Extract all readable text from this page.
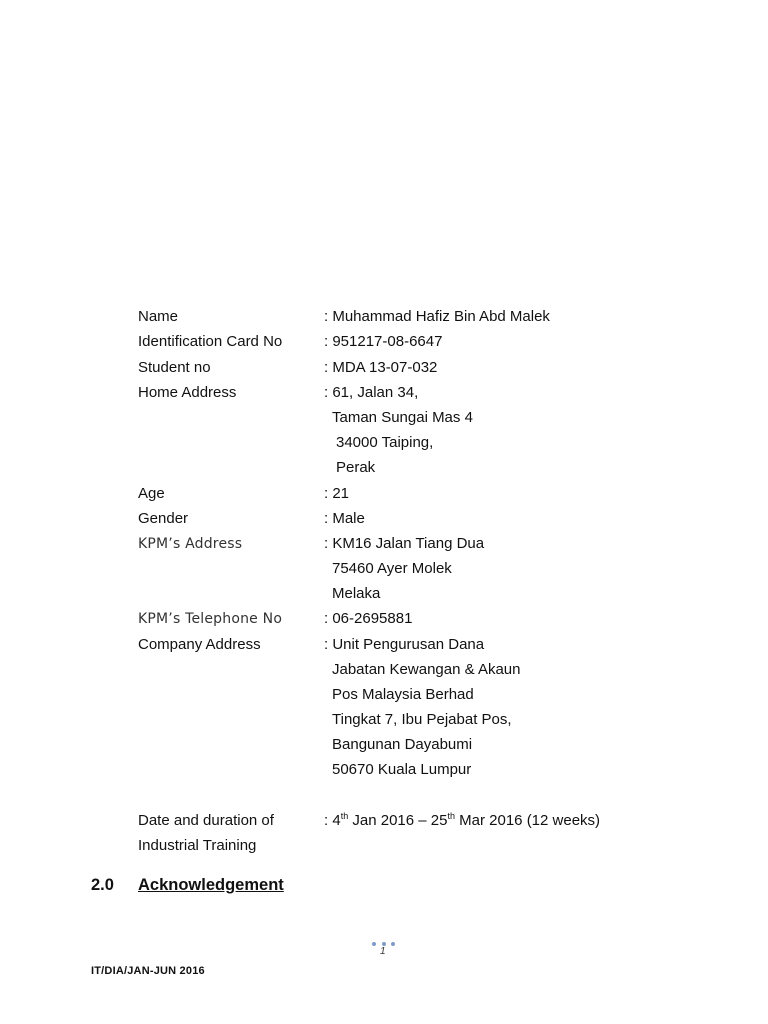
Name	: Muhammad Hafiz Bin Abd Malek
Identification Card No	: 951217-08-6647
Student no	: MDA 13-07-032
Home Address	: 61, Jalan 34,
Taman Sungai Mas 4
34000 Taiping,
Perak
Age	: 21
Gender	: Male
KPM’s Address	: KM16 Jalan Tiang Dua
75460 Ayer Molek
Melaka
KPM’s Telephone No	: 06-2695881
Company Address	: Unit Pengurusan Dana
Jabatan Kewangan & Akaun
Pos Malaysia Berhad
Tingkat 7, Ibu Pejabat Pos,
Bangunan Dayabumi
50670 Kuala Lumpur
Date and duration of	: 4th Jan 2016 – 25th Mar 2016 (12 weeks)
Industrial Training
2.0 Acknowledgement
1
IT/DIA/JAN-JUN 2016
